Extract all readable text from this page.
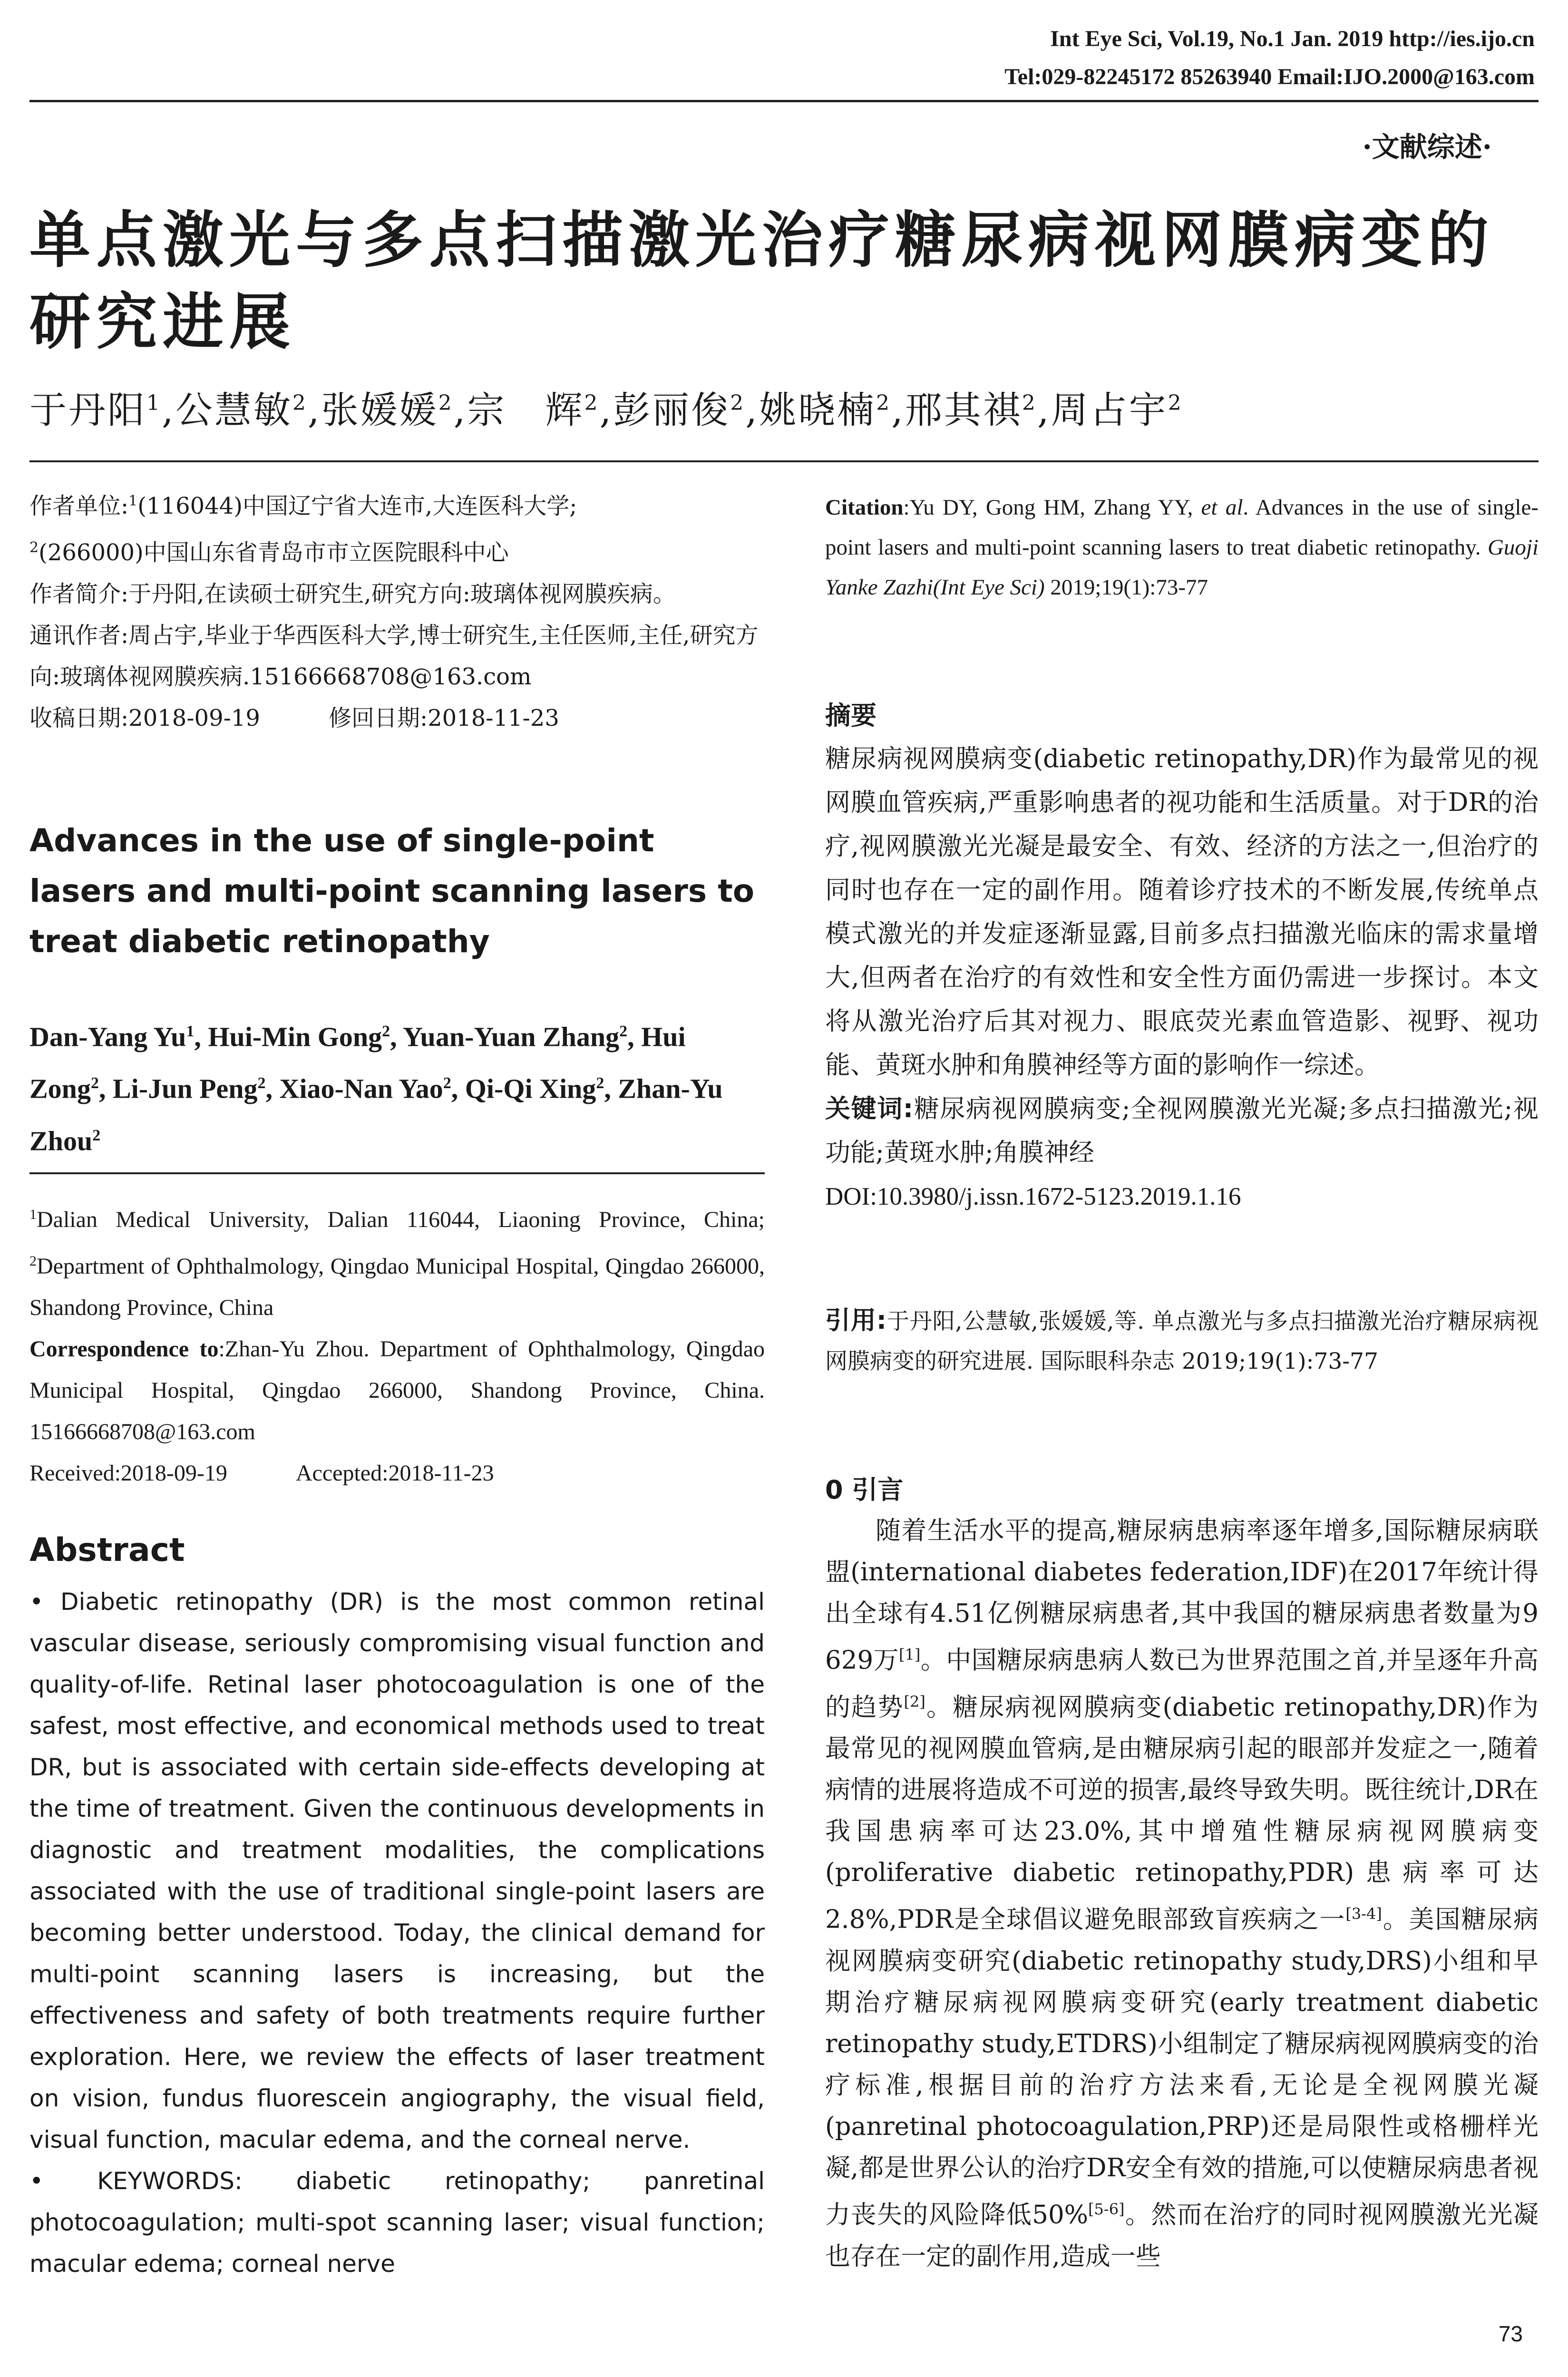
Int Eye Sci, Vol.19, No.1 Jan. 2019 http://ies.ijo.cn
Tel:029-82245172 85263940 Email:IJO.2000@163.com
·文献综述·
单点激光与多点扫描激光治疗糖尿病视网膜病变的研究进展
于丹阳$^1$,公慧敏$^2$,张媛媛$^2$,宗　辉$^2$,彭丽俊$^2$,姚晓楠$^2$,邢其祺$^2$,周占宇$^2$

作者单位:$^1$(116044)中国辽宁省大连市,大连医科大学;

$^2$(266000)中国山东省青岛市市立医院眼科中心

作者简介:于丹阳,在读硕士研究生,研究方向:玻璃体视网膜疾病。

通讯作者:周占宇,毕业于华西医科大学,博士研究生,主任医师,主任,研究方向:玻璃体视网膜疾病.15166668708@163.com

收稿日期:2018-09-19　　　	修回日期:2018-11-23

Advances in the use of single-point lasers and multi-point scanning lasers to treat diabetic retinopathy
Dan-Yang Yu$^1$, Hui-Min Gong$^2$, Yuan-Yuan Zhang$^2$, Hui Zong$^2$, Li-Jun Peng$^2$, Xiao-Nan Yao$^2$, Qi-Qi Xing$^2$, Zhan-Yu Zhou$^2$

$^1$Dalian Medical University, Dalian 116044, Liaoning Province, China; $^2$Department of Ophthalmology, Qingdao Municipal Hospital, Qingdao 266000, Shandong Province, China

Correspondence to:Zhan-Yu Zhou. Department of Ophthalmology, Qingdao Municipal Hospital, Qingdao 266000, Shandong Province, China. 15166668708@163.com

Received:2018-09-19　　　	Accepted:2018-11-23

Abstract

• Diabetic retinopathy (DR) is the most common retinal vascular disease, seriously compromising visual function and quality-of-life. Retinal laser photocoagulation is one of the safest, most effective, and economical methods used to treat DR, but is associated with certain side-effects developing at the time of treatment. Given the continuous developments in diagnostic and treatment modalities, the complications associated with the use of traditional single-point lasers are becoming better understood. Today, the clinical demand for multi-point scanning lasers is increasing, but the effectiveness and safety of both treatments require further exploration. Here, we review the effects of laser treatment on vision, fundus fluorescein angiography, the visual field, visual function, macular edema, and the corneal nerve.

• KEYWORDS: diabetic retinopathy; panretinal photocoagulation; multi-spot scanning laser; visual function; macular edema; corneal nerve

Citation:Yu DY, Gong HM, Zhang YY, et al. Advances in the use of single-point lasers and multi-point scanning lasers to treat diabetic retinopathy. Guoji Yanke Zazhi(Int Eye Sci) 2019;19(1):73-77
摘要

糖尿病视网膜病变(diabetic retinopathy,DR)作为最常见的视网膜血管疾病,严重影响患者的视功能和生活质量。对于DR的治疗,视网膜激光光凝是最安全、有效、经济的方法之一,但治疗的同时也存在一定的副作用。随着诊疗技术的不断发展,传统单点模式激光的并发症逐渐显露,目前多点扫描激光临床的需求量增大,但两者在治疗的有效性和安全性方面仍需进一步探讨。本文将从激光治疗后其对视力、眼底荧光素血管造影、视野、视功能、黄斑水肿和角膜神经等方面的影响作一综述。

关键词:糖尿病视网膜病变;全视网膜激光光凝;多点扫描激光;视功能;黄斑水肿;角膜神经

DOI:10.3980/j.issn.1672-5123.2019.1.16

引用:于丹阳,公慧敏,张媛媛,等. 单点激光与多点扫描激光治疗糖尿病视网膜病变的研究进展. 国际眼科杂志 2019;19(1):73-77
0 引言

随着生活水平的提高,糖尿病患病率逐年增多,国际糖尿病联盟(international diabetes federation,IDF)在2017年统计得出全球有4.51亿例糖尿病患者,其中我国的糖尿病患者数量为9 629万[1]。中国糖尿病患病人数已为世界范围之首,并呈逐年升高的趋势[2]。糖尿病视网膜病变(diabetic retinopathy,DR)作为最常见的视网膜血管病,是由糖尿病引起的眼部并发症之一,随着病情的进展将造成不可逆的损害,最终导致失明。既往统计,DR在我国患病率可达23.0%,其中增殖性糖尿病视网膜病变(proliferative diabetic retinopathy,PDR)患病率可达2.8%,PDR是全球倡议避免眼部致盲疾病之一[3-4]。美国糖尿病视网膜病变研究(diabetic retinopathy study,DRS)小组和早期治疗糖尿病视网膜病变研究(early treatment diabetic retinopathy study,ETDRS)小组制定了糖尿病视网膜病变的治疗标准,根据目前的治疗方法来看,无论是全视网膜光凝(panretinal photocoagulation,PRP)还是局限性或格栅样光凝,都是世界公认的治疗DR安全有效的措施,可以使糖尿病患者视力丧失的风险降低50%[5-6]。然而在治疗的同时视网膜激光光凝也存在一定的副作用,造成一些

73
